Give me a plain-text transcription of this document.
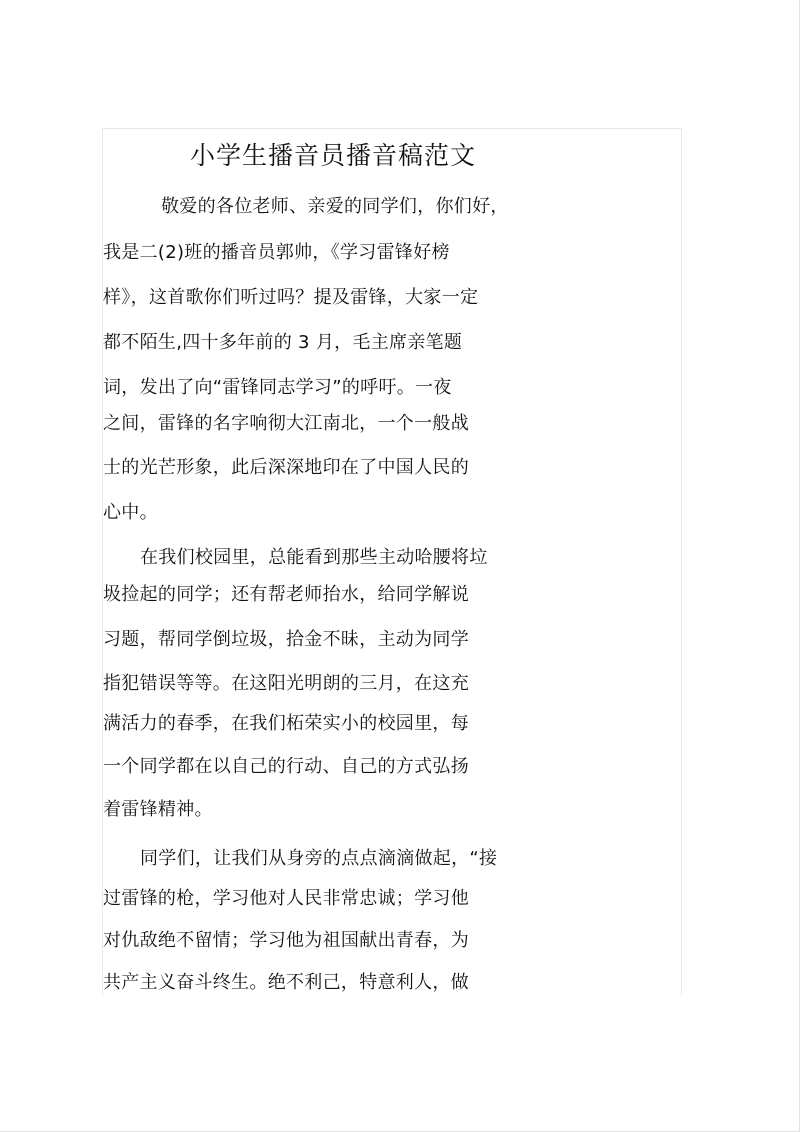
小学生播音员播音稿范文

敬爱的各位老师、亲爱的同学们，你们好，

我是二(2)班的播音员郭帅，《学习雷锋好榜

样》，这首歌你们听过吗？提及雷锋，大家一定

都不陌生,四十多年前的 3 月，毛主席亲笔题

词，发出了向“雷锋同志学习”的呼吁。一夜

之间，雷锋的名字响彻大江南北，一个一般战

士的光芒形象，此后深深地印在了中国人民的

心中。

在我们校园里，总能看到那些主动哈腰将垃

圾捡起的同学；还有帮老师抬水，给同学解说

习题，帮同学倒垃圾，拾金不昧，主动为同学

指犯错误等等。在这阳光明朗的三月，在这充

满活力的春季，在我们柘荣实小的校园里，每

一个同学都在以自己的行动、自己的方式弘扬

着雷锋精神。

同学们，让我们从身旁的点点滴滴做起，“接

过雷锋的枪，学习他对人民非常忠诚；学习他

对仇敌绝不留情；学习他为祖国献出青春，为

共产主义奋斗终生。绝不利己，特意利人，做
